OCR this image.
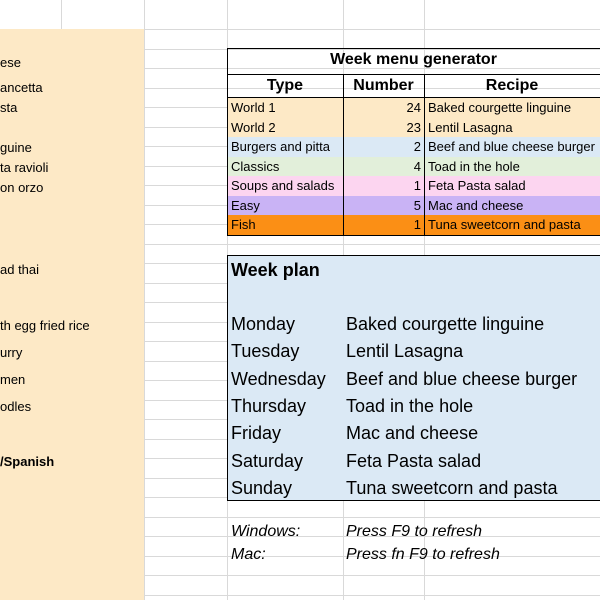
ese
ancetta
sta
guine
ta ravioli
on orzo
ad thai
th egg fried rice
urry
men
odles
/Spanish
Week menu generator
Type	Number	Recipe
World 1	24 Baked courgette linguine
World 2	23 Lentil Lasagna
Burgers and pitta	2 Beef and blue cheese burger
Classics	4 Toad in the hole
Soups and salads	1 Feta Pasta salad
Easy	5 Mac and cheese
Fish	1 Tuna sweetcorn and pasta
Week plan
Monday	Baked courgette linguine
Tuesday	Lentil Lasagna
Wednesday Beef and blue cheese burger
Thursday Toad in the hole
Friday	Mac and cheese
Saturday Feta Pasta salad
Sunday	Tuna sweetcorn and pasta
Windows:	Press F9 to refresh
Mac:	Press fn F9 to refresh
